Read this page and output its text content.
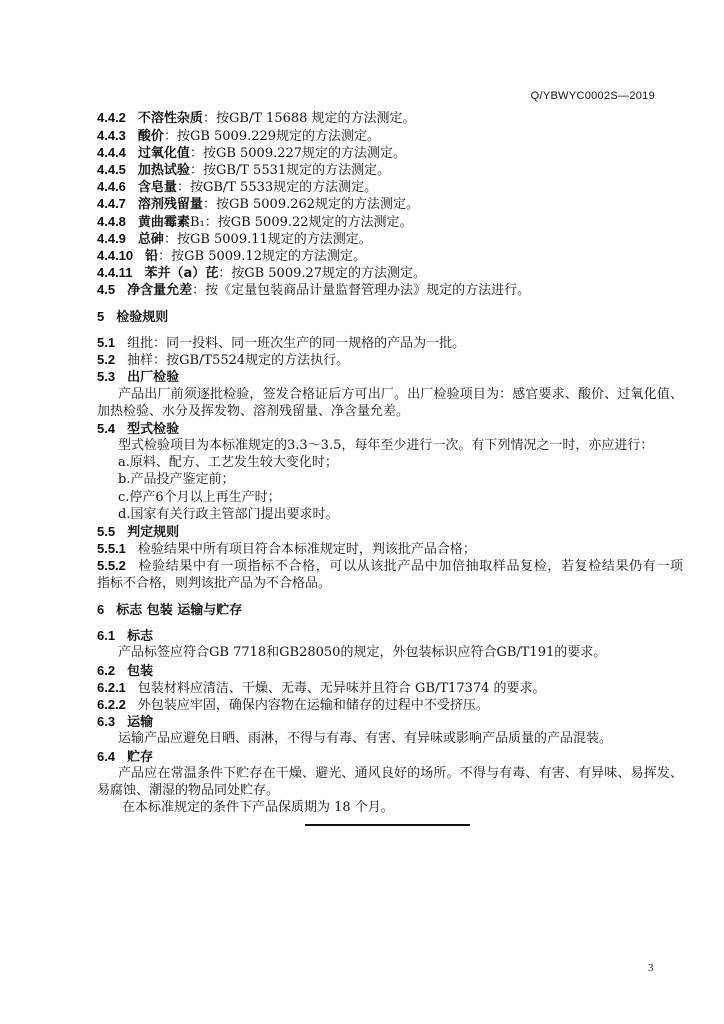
Q/YBWYC0002S—2019
4.4.2 不溶性杂质：按GB/T 15688 规定的方法测定。
4.4.3 酸价：按GB 5009.229规定的方法测定。
4.4.4 过氧化值：按GB 5009.227规定的方法测定。
4.4.5 加热试验：按GB/T 5531规定的方法测定。
4.4.6 含皂量：按GB/T 5533规定的方法测定。
4.4.7 溶剂残留量：按GB 5009.262规定的方法测定。
4.4.8 黄曲霉素B₁：按GB 5009.22规定的方法测定。
4.4.9 总砷：按GB 5009.11规定的方法测定。
4.4.10 铅：按GB 5009.12规定的方法测定。
4.4.11 苯并（a）芘：按GB 5009.27规定的方法测定。
4.5 净含量允差：按《定量包装商品计量监督管理办法》规定的方法进行。
5 检验规则
5.1 组批：同一投料、同一班次生产的同一规格的产品为一批。
5.2 抽样：按GB/T5524规定的方法执行。
5.3 出厂检验
产品出厂前须逐批检验，签发合格证后方可出厂。出厂检验项目为：感官要求、酸价、过氧化值、
加热检验、水分及挥发物、溶剂残留量、净含量允差。
5.4 型式检验
型式检验项目为本标准规定的3.3～3.5，每年至少进行一次。有下列情况之一时，亦应进行：
a.原料、配方、工艺发生较大变化时；
b.产品投产鉴定前；
c.停产6个月以上再生产时；
d.国家有关行政主管部门提出要求时。
5.5 判定规则
5.5.1 检验结果中所有项目符合本标准规定时，判该批产品合格；
5.5.2 检验结果中有一项指标不合格，可以从该批产品中加倍抽取样品复检，若复检结果仍有一项
指标不合格，则判该批产品为不合格品。
6 标志 包装 运输与贮存
6.1 标志
产品标签应符合GB 7718和GB28050的规定，外包装标识应符合GB/T191的要求。
6.2 包装
6.2.1 包装材料应清洁、干燥、无毒、无异味并且符合 GB/T17374 的要求。
6.2.2 外包装应牢固，确保内容物在运输和储存的过程中不受挤压。
6.3 运输
运输产品应避免日晒、雨淋，不得与有毒、有害、有异味或影响产品质量的产品混装。
6.4 贮存
产品应在常温条件下贮存在干燥、避光、通风良好的场所。不得与有毒、有害、有异味、易挥发、
易腐蚀、潮湿的物品同处贮存。
在本标准规定的条件下产品保质期为 18 个月。
3
